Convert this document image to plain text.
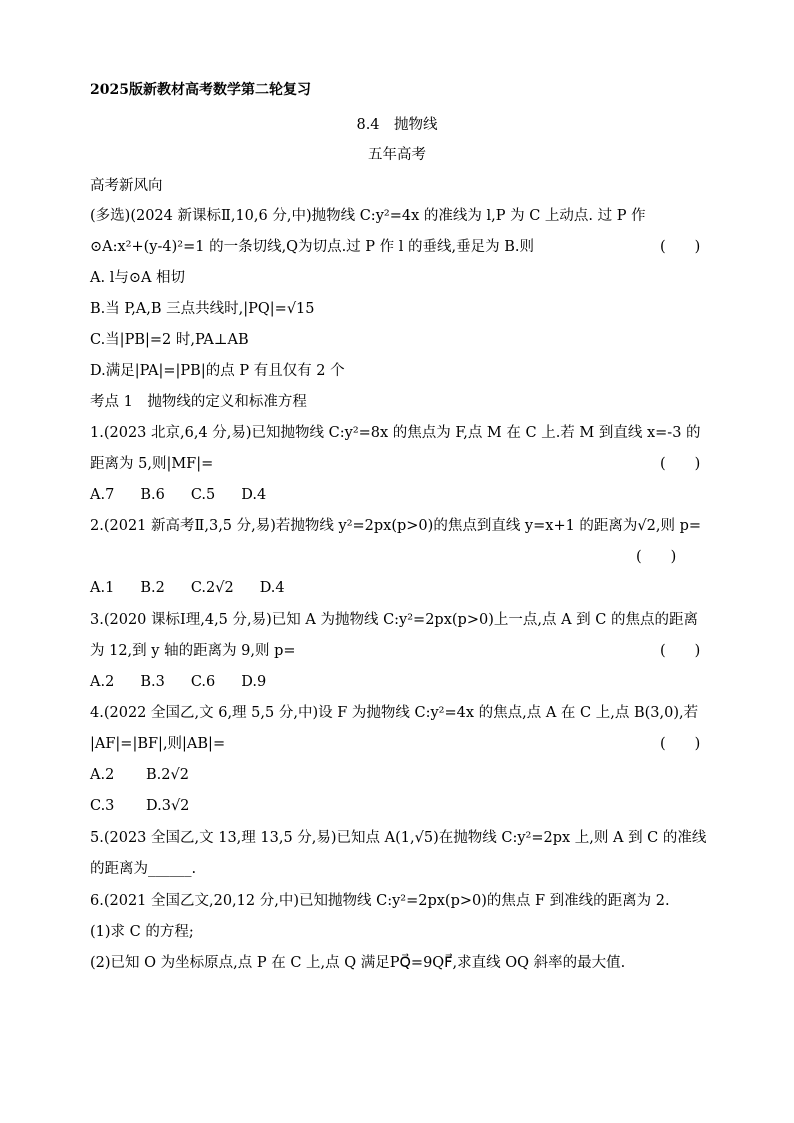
2025版新教材高考数学第二轮复习
8.4　抛物线
五年高考
高考新风向
(多选)(2024 新课标Ⅱ,10,6 分,中)抛物线 C:y²=4x 的准线为 l,P 为 C 上动点. 过 P 作
⊙A:x²+(y-4)²=1 的一条切线,Q为切点.过 P 作 l 的垂线,垂足为 B.则	(　　)
A. l与⊙A 相切
B.当 P,A,B 三点共线时,|PQ|=√15
C.当|PB|=2 时,PA⊥AB
D.满足|PA|=|PB|的点 P 有且仅有 2 个
考点 1　抛物线的定义和标准方程
1.(2023 北京,6,4 分,易)已知抛物线 C:y²=8x 的焦点为 F,点 M 在 C 上.若 M 到直线 x=-3 的
距离为 5,则|MF|=	(　　)
A.7 B.6 C.5 D.4
2.(2021 新高考Ⅱ,3,5 分,易)若抛物线 y²=2px(p>0)的焦点到直线 y=x+1 的距离为√2,则 p=
(　　)
A.1 B.2 C.2√2 D.4
3.(2020 课标Ⅰ理,4,5 分,易)已知 A 为抛物线 C:y²=2px(p>0)上一点,点 A 到 C 的焦点的距离
为 12,到 y 轴的距离为 9,则 p=	(　　)
A.2 B.3 C.6 D.9
4.(2022 全国乙,文 6,理 5,5 分,中)设 F 为抛物线 C:y²=4x 的焦点,点 A 在 C 上,点 B(3,0),若
|AF|=|BF|,则|AB|=	(　　)
A.2 B.2√2
C.3 D.3√2
5.(2023 全国乙,文 13,理 13,5 分,易)已知点 A(1,√5)在抛物线 C:y²=2px 上,则 A 到 C 的准线
的距离为______.
6.(2021 全国乙文,20,12 分,中)已知抛物线 C:y²=2px(p>0)的焦点 F 到准线的距离为 2.
(1)求 C 的方程;
(2)已知 O 为坐标原点,点 P 在 C 上,点 Q 满足PQ⃗=9QF⃗,求直线 OQ 斜率的最大值.
